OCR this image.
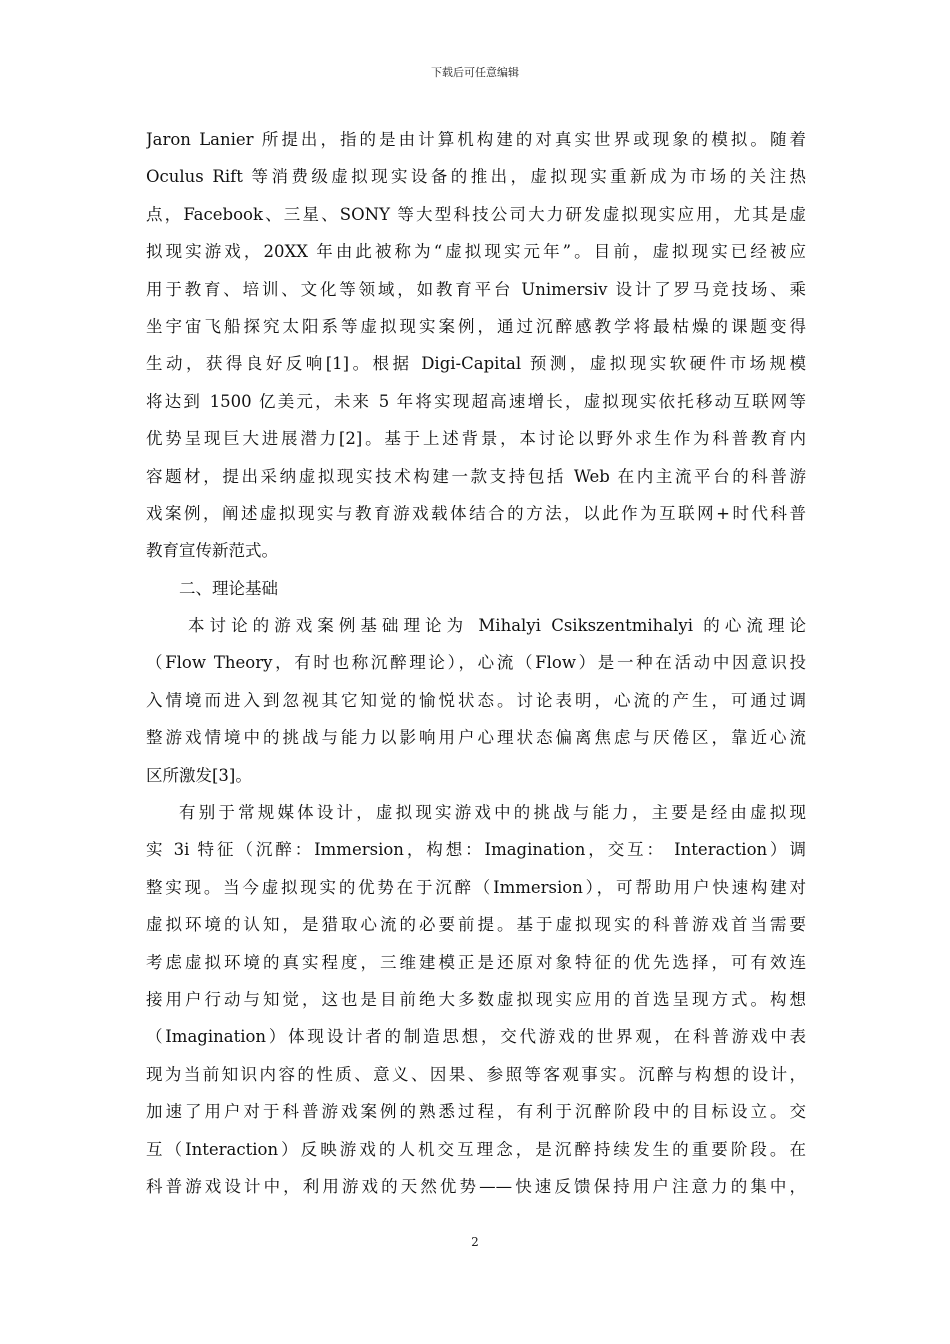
下载后可任意编辑
Jaron Lanier 所提出，指的是由计算机构建的对真实世界或现象的模拟。随着
Oculus Rift 等消费级虚拟现实设备的推出，虚拟现实重新成为市场的关注热
点，Facebook、三星、SONY 等大型科技公司大力研发虚拟现实应用，尤其是虚
拟现实游戏，20XX 年由此被称为“虚拟现实元年”。目前，虚拟现实已经被应
用于教育、培训、文化等领域，如教育平台 Unimersiv 设计了罗马竞技场、乘
坐宇宙飞船探究太阳系等虚拟现实案例，通过沉醉感教学将最枯燥的课题变得
生动，获得良好反响[1]。根据 Digi-Capital 预测，虚拟现实软硬件市场规模
将达到 1500 亿美元，未来 5 年将实现超高速增长，虚拟现实依托移动互联网等
优势呈现巨大进展潜力[2]。基于上述背景，本讨论以野外求生作为科普教育内
容题材，提出采纳虚拟现实技术构建一款支持包括 Web 在内主流平台的科普游
戏案例，阐述虚拟现实与教育游戏载体结合的方法，以此作为互联网+时代科普
教育宣传新范式。
二、理论基础
本讨论的游戏案例基础理论为 Mihalyi Csikszentmihalyi 的心流理论
（Flow Theory，有时也称沉醉理论），心流（Flow）是一种在活动中因意识投
入情境而进入到忽视其它知觉的愉悦状态。讨论表明，心流的产生，可通过调
整游戏情境中的挑战与能力以影响用户心理状态偏离焦虑与厌倦区，靠近心流
区所激发[3]。
有别于常规媒体设计，虚拟现实游戏中的挑战与能力，主要是经由虚拟现
实 3i 特征（沉醉：Immersion，构想：Imagination，交互： Interaction）调
整实现。当今虚拟现实的优势在于沉醉（Immersion），可帮助用户快速构建对
虚拟环境的认知，是猎取心流的必要前提。基于虚拟现实的科普游戏首当需要
考虑虚拟环境的真实程度，三维建模正是还原对象特征的优先选择，可有效连
接用户行动与知觉，这也是目前绝大多数虚拟现实应用的首选呈现方式。构想
（Imagination）体现设计者的制造思想，交代游戏的世界观，在科普游戏中表
现为当前知识内容的性质、意义、因果、参照等客观事实。沉醉与构想的设计，
加速了用户对于科普游戏案例的熟悉过程，有利于沉醉阶段中的目标设立。交
互（Interaction）反映游戏的人机交互理念，是沉醉持续发生的重要阶段。在
科普游戏设计中，利用游戏的天然优势——快速反馈保持用户注意力的集中，
2
